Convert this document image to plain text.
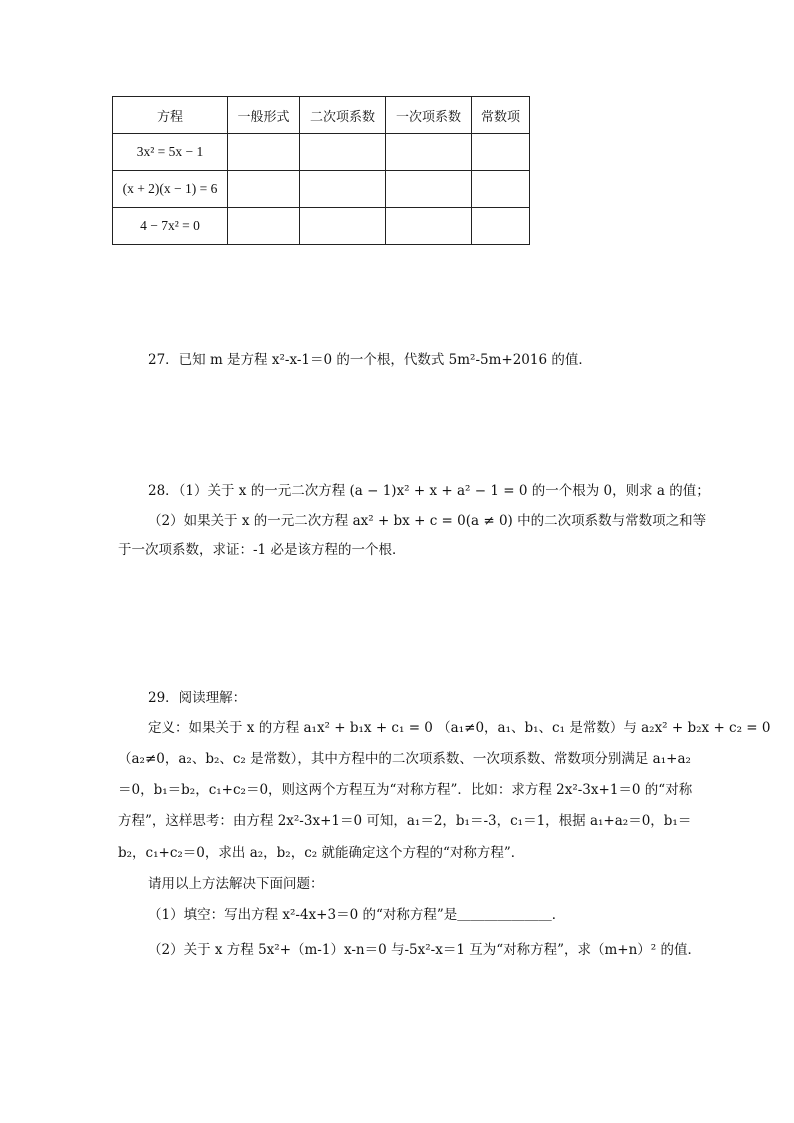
方程	一般形式	二次项系数	一次项系数	常数项
3x² = 5x − 1				
(x + 2)(x − 1) = 6				
4 − 7x² = 0				
27．已知 m 是方程 x²-x-1＝0 的一个根，代数式 5m²-5m+2016 的值．
28．（1）关于 x 的一元二次方程 (a − 1)x² + x + a² − 1 = 0 的一个根为 0，则求 a 的值；
（2）如果关于 x 的一元二次方程 ax² + bx + c = 0(a ≠ 0) 中的二次项系数与常数项之和等
于一次项系数，求证：-1 必是该方程的一个根．
29．阅读理解：
定义：如果关于 x 的方程 a₁x² + b₁x + c₁ = 0 （a₁≠0，a₁、b₁、c₁ 是常数）与 a₂x² + b₂x + c₂ = 0
（a₂≠0，a₂、b₂、c₂ 是常数），其中方程中的二次项系数、一次项系数、常数项分别满足 a₁+a₂
＝0，b₁＝b₂，c₁+c₂＝0，则这两个方程互为“对称方程”．比如：求方程 2x²-3x+1＝0 的“对称
方程”，这样思考：由方程 2x²-3x+1＝0 可知，a₁＝2，b₁＝-3，c₁＝1，根据 a₁+a₂＝0，b₁＝
b₂，c₁+c₂＝0，求出 a₂，b₂，c₂ 就能确定这个方程的“对称方程”．
请用以上方法解决下面问题：
（1）填空：写出方程 x²-4x+3＝0 的“对称方程”是＿＿＿＿＿＿＿．
（2）关于 x 方程 5x²+（m-1）x-n＝0 与-5x²-x＝1 互为“对称方程”，求（m+n）² 的值．
